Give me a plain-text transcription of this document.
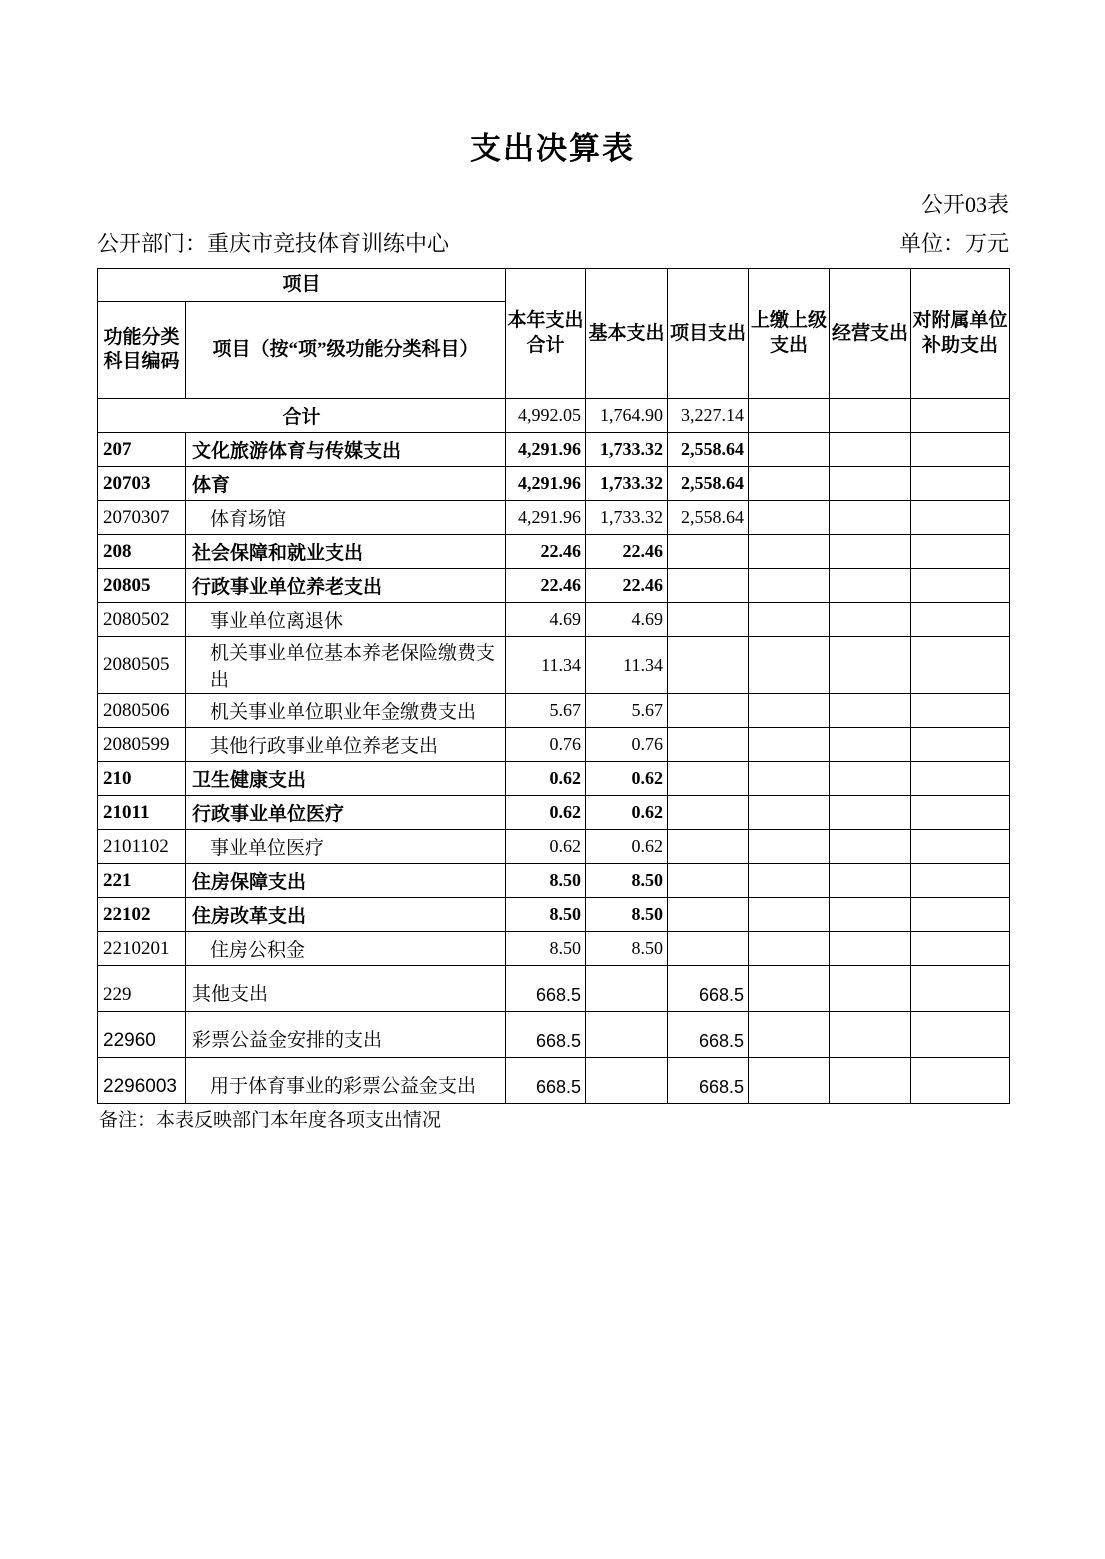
支出决算表
公开03表
公开部门：重庆市竞技体育训练中心	单位：万元
项目		本年支出合计	基本支出	项目支出	上缴上级支出	经营支出	对附属单位补助支出
功能分类科目编码	项目（按“项”级功能分类科目）						
合计		4,992.05	1,764.90	3,227.14			
207	文化旅游体育与传媒支出	4,291.96	1,733.32	2,558.64			
20703	体育	4,291.96	1,733.32	2,558.64			
2070307	体育场馆	4,291.96	1,733.32	2,558.64			
208	社会保障和就业支出	22.46	22.46				
20805	行政事业单位养老支出	22.46	22.46				
2080502	事业单位离退休	4.69	4.69				
2080505	机关事业单位基本养老保险缴费支出	11.34	11.34				
2080506	机关事业单位职业年金缴费支出	5.67	5.67				
2080599	其他行政事业单位养老支出	0.76	0.76				
210	卫生健康支出	0.62	0.62				
21011	行政事业单位医疗	0.62	0.62				
2101102	事业单位医疗	0.62	0.62				
221	住房保障支出	8.50	8.50				
22102	住房改革支出	8.50	8.50				
2210201	住房公积金	8.50	8.50				
229	其他支出	668.5		668.5			
22960	彩票公益金安排的支出	668.5		668.5			
2296003	用于体育事业的彩票公益金支出	668.5		668.5			
备注：本表反映部门本年度各项支出情况
